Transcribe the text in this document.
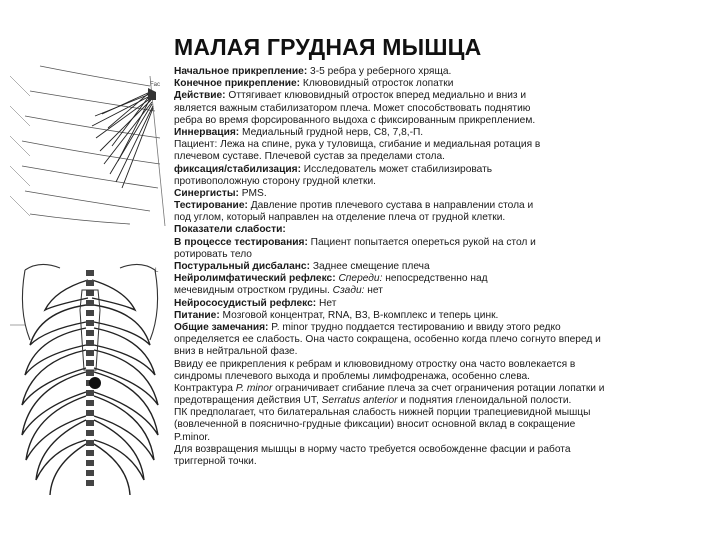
МАЛАЯ ГРУДНАЯ МЫШЦА
Fac
L
Начальное прикрепление: 3-5 ребра у реберного хряща.
Конечное прикрепление: Клювовидный отросток лопатки
Действие: Оттягивает клювовидный отросток вперед медиально и вниз и
является важным стабилизатором плеча. Может способствовать поднятию
ребра во время форсированного выдоха с фиксированным прикреплением.
Иннервация: Медиальный грудной нерв, С8, 7,8,-П.
Пациент: Лежа на спине, рука у туловища, сгибание и медиальная ротация в
плечевом суставе. Плечевой сустав за пределами стола.
фиксация/стабилизация: Исследователь может стабилизировать
противоположную сторону грудной клетки.
Синергисты: PMS.
Тестирование: Давление против плечевого сустава в направлении стола и
под углом, который направлен на отделение плеча от грудной клетки.
Показатели слабости:
В процессе тестирования: Пациент попытается опереться рукой на стол и
ротировать тело
Постуральный дисбаланс: Заднее смещение плеча
Нейролимфатический рефлекс: Спереди: непосредственно над
мечевидным отростком грудины. Сзади: нет
Нейрососудистый рефлекс: Нет
Питание: Мозговой концентрат, RNA, B3, В-комплекс и теперь цинк.
Общие замечания: P. minor трудно поддается тестированию и ввиду этого редко
определяется ее слабость. Она часто сокращена, особенно когда плечо согнуто вперед и
вниз в нейтральной фазе.
Ввиду ее прикрепления к ребрам и клювовидному отростку она часто вовлекается в
синдромы плечевого выхода и проблемы лимфодренажа, особенно слева.
Контрактура P. minor ограничивает сгибание плеча за счет ограничения ротации лопатки и
предотвращения действия UT, Serratus anterior и поднятия гленоидальной полости.
ПК предполагает, что билатеральная слабость нижней порции трапециевидной мышцы
(вовлеченной в пояснично-грудные фиксации) вносит основной вклад в сокращение
P.minor.
Для возвращения мышцы в норму часто требуется освобожденне фасции и работа
триггерной точки.
